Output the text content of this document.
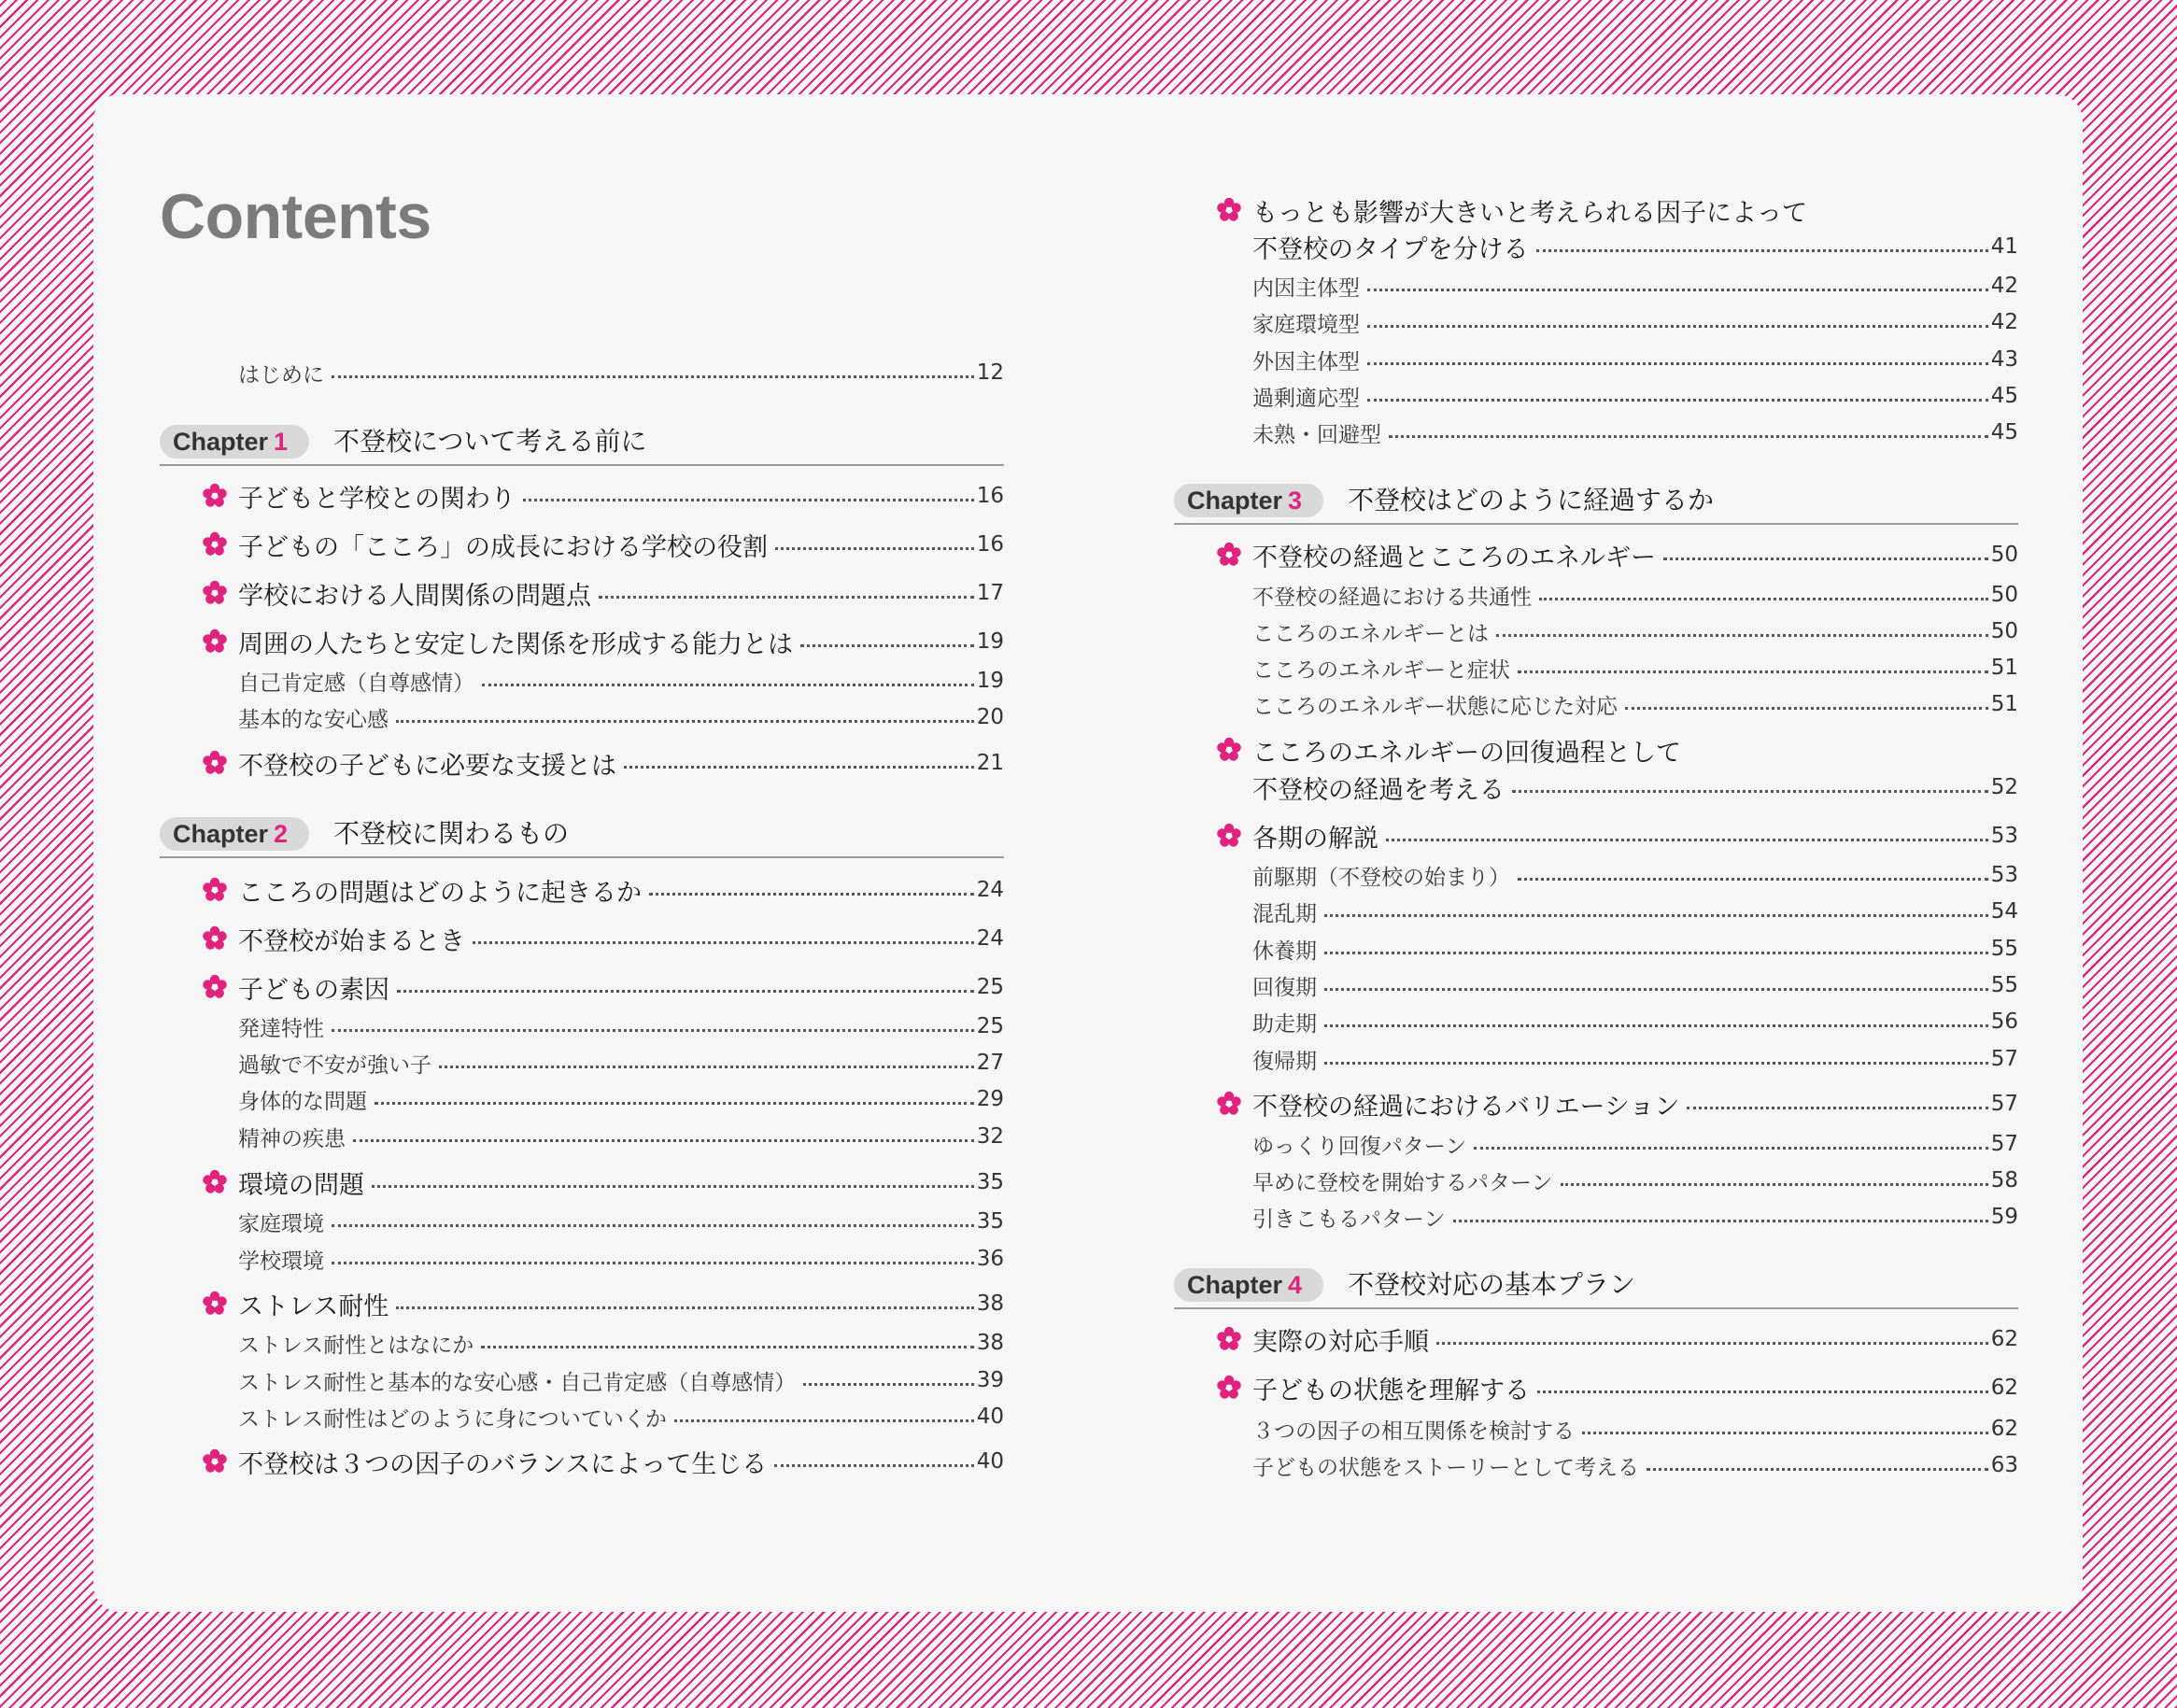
Contents
はじめに	12
Chapter 1	不登校について考える前に
子どもと学校との関わり	16
子どもの「こころ」の成長における学校の役割	16
学校における人間関係の問題点	17
周囲の人たちと安定した関係を形成する能力とは	19
自己肯定感（自尊感情）	19
基本的な安心感	20
不登校の子どもに必要な支援とは	21
Chapter 2	不登校に関わるもの
こころの問題はどのように起きるか	24
不登校が始まるとき	24
子どもの素因	25
発達特性	25
過敏で不安が強い子	27
身体的な問題	29
精神の疾患	32
環境の問題	35
家庭環境	35
学校環境	36
ストレス耐性	38
ストレス耐性とはなにか	38
ストレス耐性と基本的な安心感・自己肯定感（自尊感情）	39
ストレス耐性はどのように身についていくか	40
不登校は３つの因子のバランスによって生じる	40
もっとも影響が大きいと考えられる因子によって
不登校のタイプを分ける	41
内因主体型	42
家庭環境型	42
外因主体型	43
過剰適応型	45
未熟・回避型	45
Chapter 3	不登校はどのように経過するか
不登校の経過とこころのエネルギー	50
不登校の経過における共通性	50
こころのエネルギーとは	50
こころのエネルギーと症状	51
こころのエネルギー状態に応じた対応	51
こころのエネルギーの回復過程として
不登校の経過を考える	52
各期の解説	53
前駆期（不登校の始まり）	53
混乱期	54
休養期	55
回復期	55
助走期	56
復帰期	57
不登校の経過におけるバリエーション	57
ゆっくり回復パターン	57
早めに登校を開始するパターン	58
引きこもるパターン	59
Chapter 4	不登校対応の基本プラン
実際の対応手順	62
子どもの状態を理解する	62
３つの因子の相互関係を検討する	62
子どもの状態をストーリーとして考える	63
